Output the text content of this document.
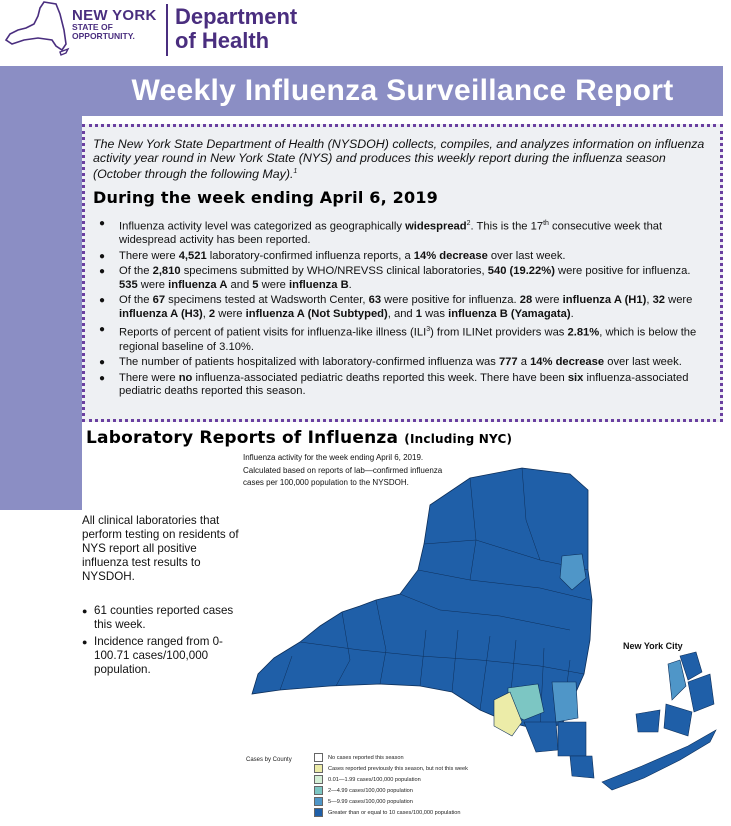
NEW YORK
STATE OF
OPPORTUNITY.
Department
of Health
Weekly Influenza Surveillance Report

The New York State Department of Health (NYSDOH) collects, compiles, and analyzes information on influenza activity year round in New York State (NYS) and produces this weekly report during the influenza season (October through the following May).$^1$

During the week ending April 6, 2019
● Influenza activity level was categorized as geographically widespread$^2$. This is the 17th consecutive week that widespread activity has been reported.
● There were 4,521 laboratory-confirmed influenza reports, a 14% decrease over last week.
● Of the 2,810 specimens submitted by WHO/NREVSS clinical laboratories, 540 (19.22%) were positive for influenza. 535 were influenza A and 5 were influenza B.
● Of the 67 specimens tested at Wadsworth Center, 63 were positive for influenza. 28 were influenza A (H1), 32 were influenza A (H3), 2 were influenza A (Not Subtyped), and 1 was influenza B (Yamagata).
● Reports of percent of patient visits for influenza-like illness (ILI$^3$) from ILINet providers was 2.81%, which is below the regional baseline of 3.10%.
● The number of patients hospitalized with laboratory-confirmed influenza was 777 a 14% decrease over last week.
● There were no influenza-associated pediatric deaths reported this week. There have been six influenza-associated pediatric deaths reported this season.
Laboratory Reports of Influenza (Including NYC)
All clinical laboratories that perform testing on residents of NYS report all positive influenza test results to NYSDOH.
● 61 counties reported cases this week.
● Incidence ranged from 0-100.71 cases/100,000 population.
Influenza activity for the week ending April 6, 2019.
Calculated based on reports of lab—confirmed influenza
cases per 100,000 population to the NYSDOH.
New York City
Cases by County	No cases reported this season
Cases reported previously this season, but not this week
0.01—1.99 cases/100,000 population
2—4.99 cases/100,000 population
5—9.99 cases/100,000 population
Greater than or equal to 10 cases/100,000 population
